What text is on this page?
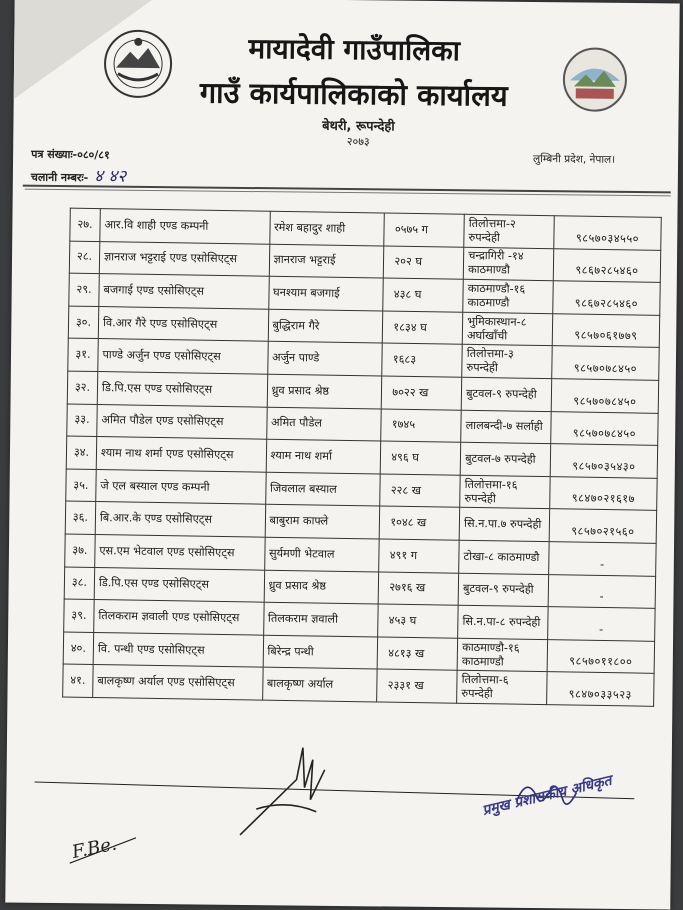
मायादेवी गाउँपालिका
गाउँ कार्यपालिकाको कार्यालय
बेथरी, रूपन्देही
२०७३
पत्र संख्याः-०८०/८१
चलानी नम्बरः- ४ ४२
लुम्बिनी प्रदेश, नेपाल।
२७.	आर.वि शाही एण्ड कम्पनी	रमेश बहादुर शाही	०५७५ ग	तिलोत्तमा-२ रुपन्देही	९८५७०३४५५०
२८.	ज्ञानराज भट्टराई एण्ड एसोसिएट्स	ज्ञानराज भट्टराई	२०२ घ	चन्द्रागिरी -१४ काठमाण्डौ	९८६७२८५४६०
२९.	बजगाई एण्ड एसोसिएट्स	घनश्याम बजगाई	४३८ घ	काठमाण्डौ-१६ काठमाण्डौ	९८६७२८५४६०
३०.	वि.आर गैरे एण्ड एसोसिएट्स	बुद्धिराम गैरे	१८३४ घ	भुमिकास्थान-८ अर्घाखाँची	९८५७०६१७७९
३१.	पाण्डे अर्जुन एण्ड एसोसिएट्स	अर्जुन पाण्डे	१६८३	तिलोत्तमा-३ रुपन्देही	९८५७०७८४५०
३२.	डि.पि.एस एण्ड एसोसिएट्स	ध्रुव प्रसाद श्रेष्ठ	७०२२ ख	बुटवल-९ रुपन्देही	९८५७०७८४५०
३३.	अमित पौडेल एण्ड एसोसिएट्स	अमित पौडेल	१७४५	लालबन्दी-७ सर्लाही	९८५७०७८४५०
३४.	श्याम नाथ शर्मा एण्ड एसोसिएट्स	श्याम नाथ शर्मा	४९६ घ	बुटवल-७ रुपन्देही	९८५७०३५४३०
३५.	जे एल बस्याल एण्ड कम्पनी	जिवलाल बस्याल	२२८ ख	तिलोत्तमा-१६ रुपन्देही	९८४७०२१६१७
३६.	बि.आर.के एण्ड एसोसिएट्स	बाबुराम काफ्ले	१०४८ ख	सि.न.पा.७ रुपन्देही	९८५७०२१५६०
३७.	एस.एम भेटवाल एण्ड एसोसिएट्स	सुर्यमणी भेटवाल	४९१ ग	टोखा-८ काठमाण्डौ	-
३८.	डि.पि.एस एण्ड एसोसिएट्स	ध्रुव प्रसाद श्रेष्ठ	२७१६ ख	बुटवल-९ रुपन्देही	-
३९.	तिलकराम ज्ञवाली एण्ड एसोसिएट्स	तिलकराम ज्ञवाली	४५३ घ	सि.न.पा-८ रुपन्देही	-
४०.	वि. पन्थी एण्ड एसोसिएट्स	बिरेन्द्र पन्थी	४८१३ ख	काठमाण्डौ-१६ काठमाण्डौ	९८५७०११८००
४१.	बालकृष्ण अर्याल एण्ड एसोसिएट्स	बालकृष्ण अर्याल	२३३१ ख	तिलोत्तमा-६ रुपन्देही	९८४७०३३५२३
F.Be.
प्रमुख प्रशासकीय अधिकृत
